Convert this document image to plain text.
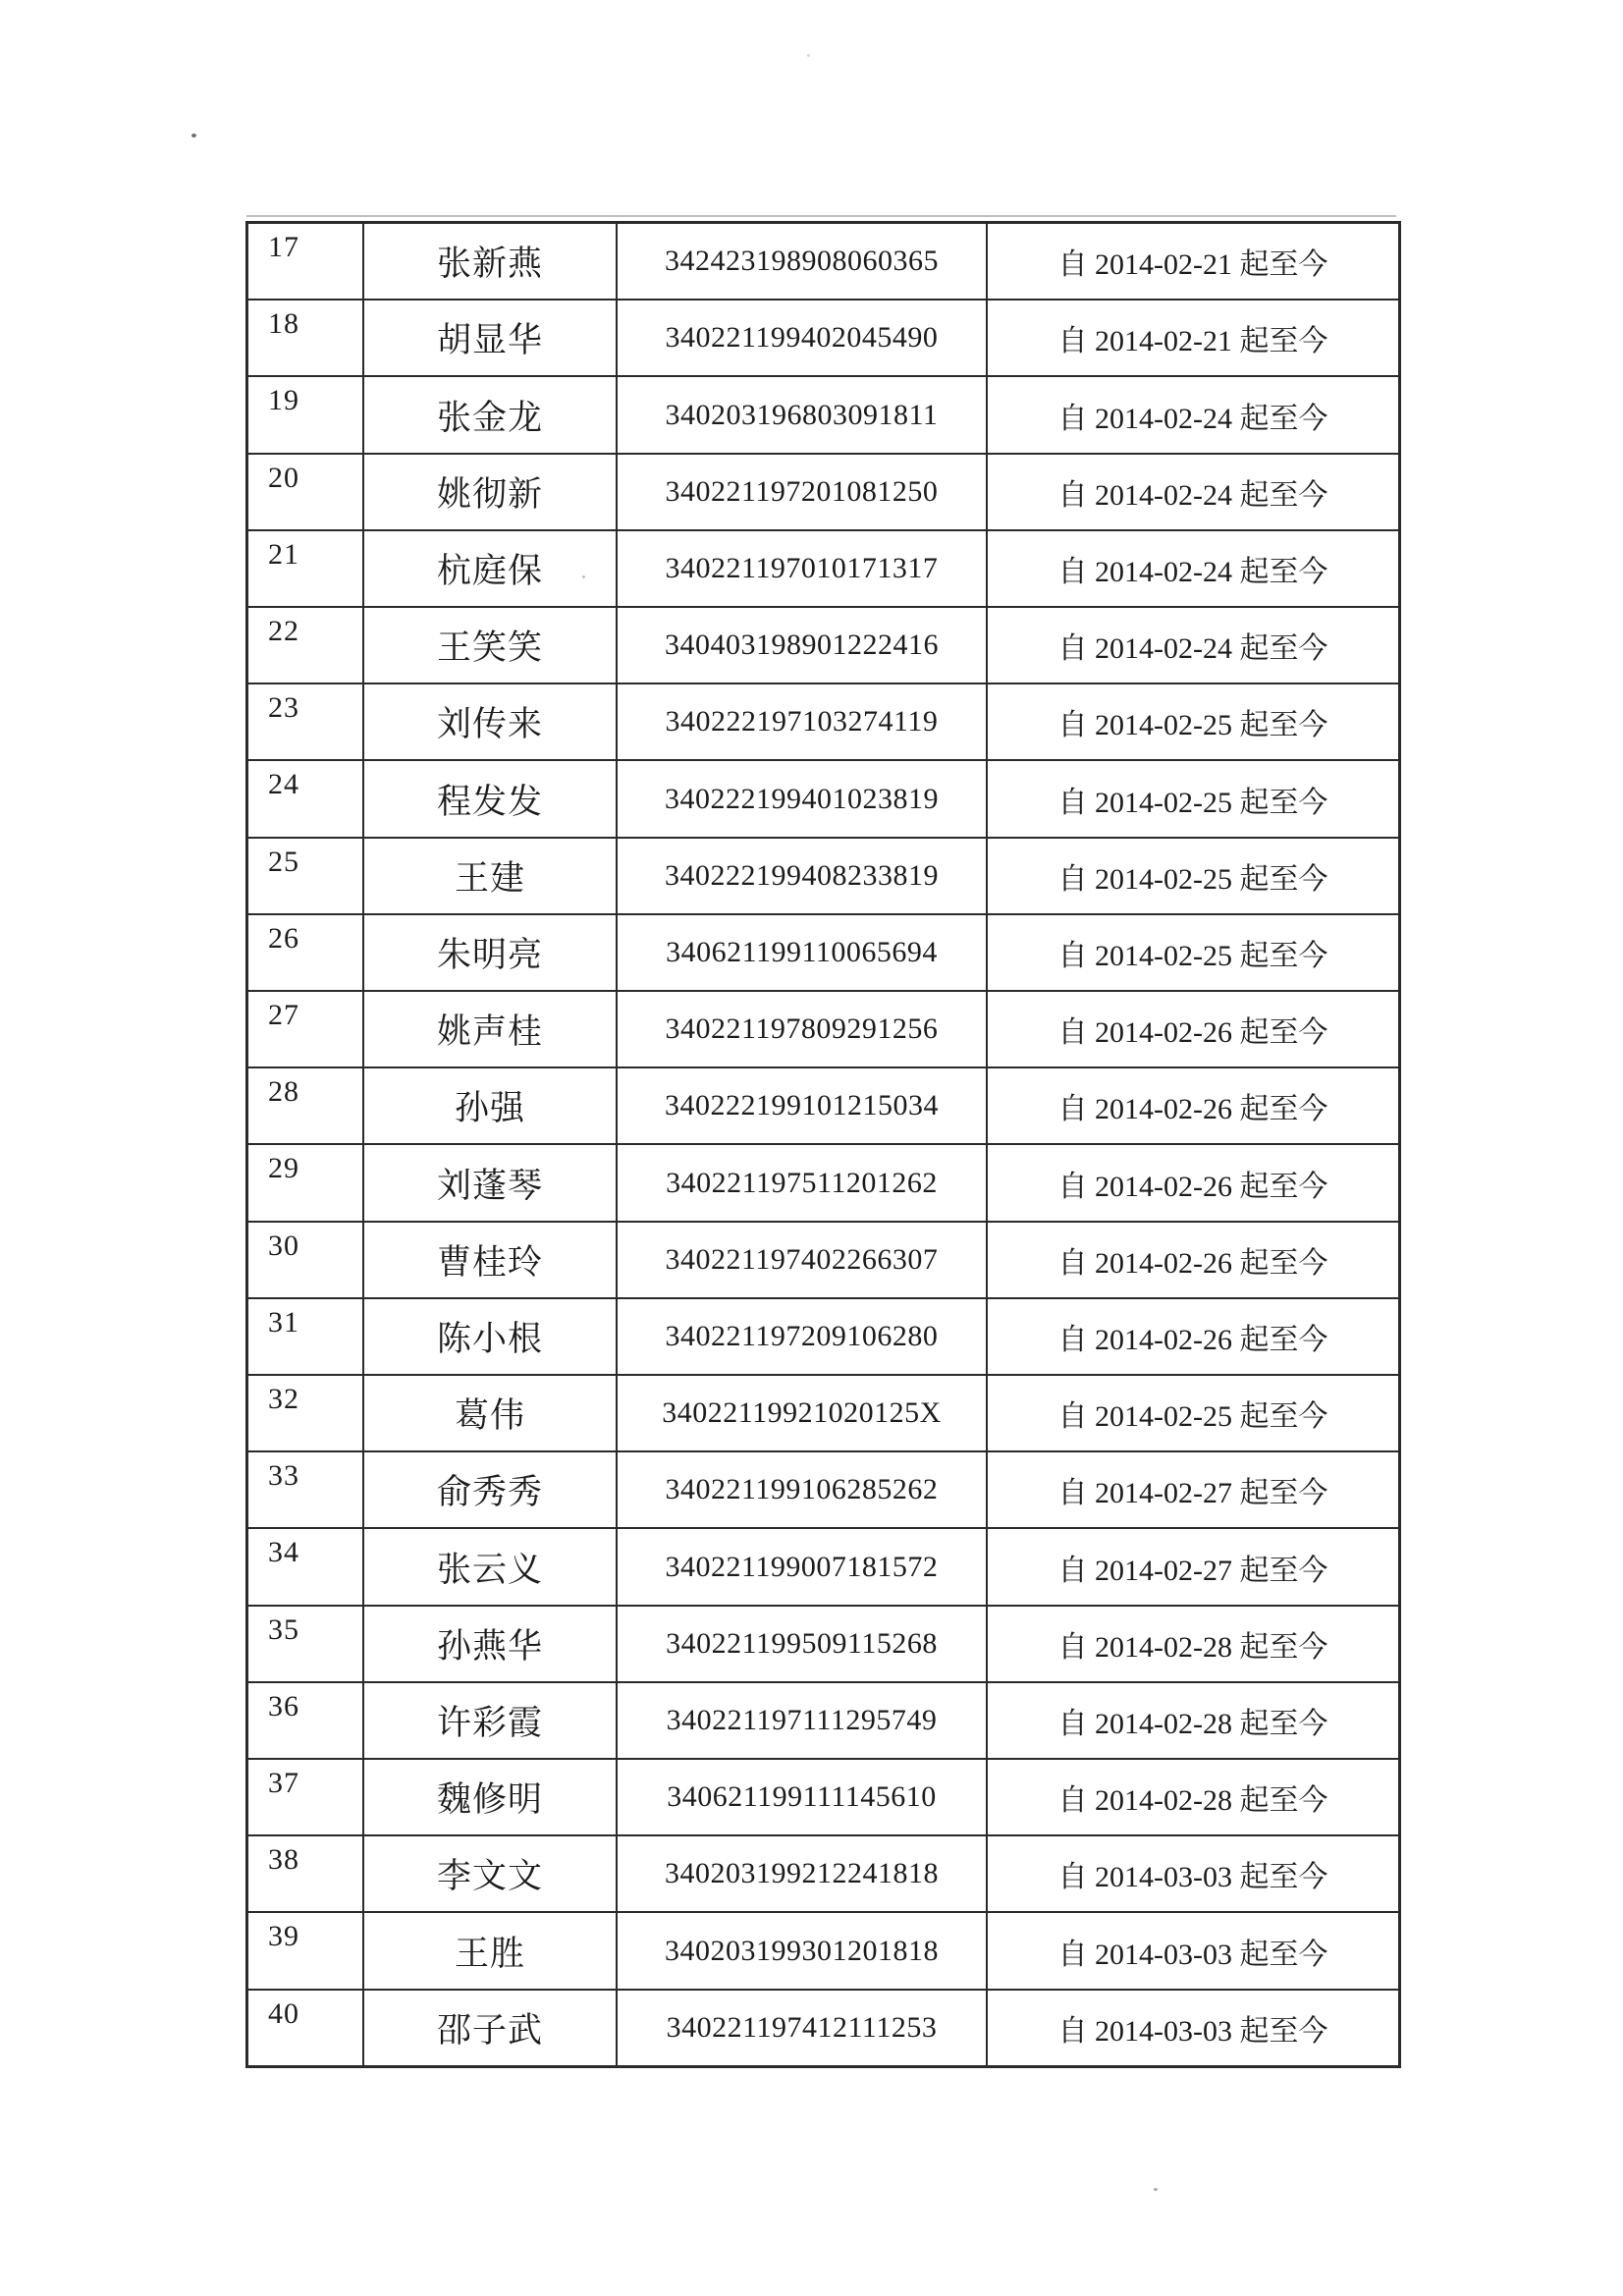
17	张新燕	342423198908060365	自 2014-02-21 起至今
18	胡显华	340221199402045490	自 2014-02-21 起至今
19	张金龙	340203196803091811	自 2014-02-24 起至今
20	姚彻新	340221197201081250	自 2014-02-24 起至今
21	杭庭保	340221197010171317	自 2014-02-24 起至今
22	王笑笑	340403198901222416	自 2014-02-24 起至今
23	刘传来	340222197103274119	自 2014-02-25 起至今
24	程发发	340222199401023819	自 2014-02-25 起至今
25	王建	340222199408233819	自 2014-02-25 起至今
26	朱明亮	340621199110065694	自 2014-02-25 起至今
27	姚声桂	340221197809291256	自 2014-02-26 起至今
28	孙强	340222199101215034	自 2014-02-26 起至今
29	刘蓬琴	340221197511201262	自 2014-02-26 起至今
30	曹桂玲	340221197402266307	自 2014-02-26 起至今
31	陈小根	340221197209106280	自 2014-02-26 起至今
32	葛伟	34022119921020125X	自 2014-02-25 起至今
33	俞秀秀	340221199106285262	自 2014-02-27 起至今
34	张云义	340221199007181572	自 2014-02-27 起至今
35	孙燕华	340221199509115268	自 2014-02-28 起至今
36	许彩霞	340221197111295749	自 2014-02-28 起至今
37	魏修明	340621199111145610	自 2014-02-28 起至今
38	李文文	340203199212241818	自 2014-03-03 起至今
39	王胜	340203199301201818	自 2014-03-03 起至今
40	邵子武	340221197412111253	自 2014-03-03 起至今
